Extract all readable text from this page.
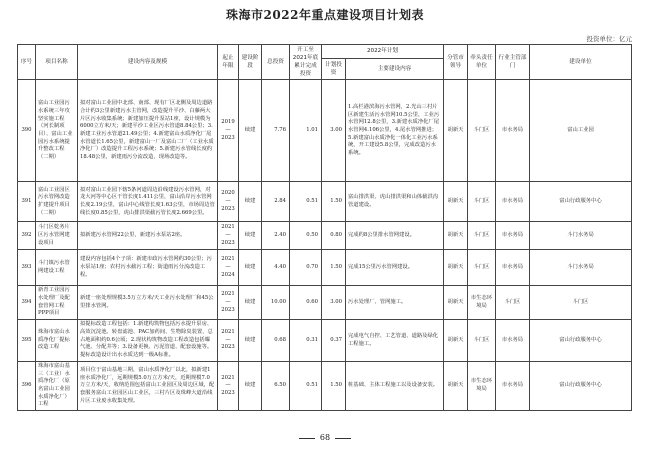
珠海市2022年重点建设项目计划表
投资单位：亿元
序号	项目名称	建设内容及规模	起止年限	建设阶段	总投资	开工至2021年底累计完成投资	2022年计划		分管市领导	牵头责任单位	行业主管部门	建设单位
							计划投资	主要建设内容				
390	富山工业园污水系统三年攻坚实施工程（河长制项目）、富山工业园污水系统提升整改工程（二期）	拟对富山工业园中北部、南部、现有厂区北侧及周边道路合计约3公里新建污水主管网，改造提升平沙、白藤两大片区污水收集系统；新建加压提升泵站1座，设计规模为6000立方米/天；新建平沙工业区污水管道8.84公里；3.新建工业污水管道21.49公里；4.新建富山水质净化厂尾水管道长1.65公里，新建富山一厂及富山二厂（工业水质净化厂）改造提升工程污水系统；5.新建污水管线长度约18.48公里，新建雨污分流改造，现场改造等。	2019—2023	续建	7.76	1.01	3.00	1.高栏港滨海污水管网，2.光山三村片区新建生活污水管网10.5公里，工业污水管网12.8公里，3.新建水质净化厂尾水管网4.106公里，4.尾水管网推进；5.新建富山水质净化一体化工业污水系统，开工建设5.8公里，完成改造污水系统。	胡新天	斗门区	市水务局	富山工业园
391	富山工业园区污水管网改造扩建提升项目（二期）	拟对富山工业园下辖5条河道周边沿线建设污水管网，对龙大河等中心区干管长度1.411公里，富山沿岸污水管网长度2.19公里，富山中心线管长度1.63公里，市场周边管线长度0.85公里，虎山排洪渠截污管长度2.669公里。	2020—2023	续建	2.84	0.51	1.50	富山排洪渠、虎山排洪渠和山体截洪沟管道建设。	胡新天	斗门区	市水务局	富山行政服务中心
392	斗门区乾务片区污水管网建设项目	拟新建污水管网22公里，新建污水泵站2座。	2021—2023	续建	2.40	0.50	0.80	完成约8公里排水管网建设。	胡新天	斗门区	市水务局	斗门水务局
393	斗门镇污水管网建设工程	建设内容包括4个子项：新建市政污水管网约30公里；污水泵站1座；农村污水截污工程；街道雨污分流改造工程。	2021—2024	续建	4.40	0.70	1.50	完成15公里污水管网建设。	胡新天	斗门区	市水务局	斗门水务局
394	新青工业园污水处理厂及配套管网工程PPP项目	新建一座处理规模3.5万立方米/天工业污水处理厂和45公里排水管网。	2021—2023	续建	10.00	0.60	3.00	污水处理厂、管网施工。	胡新天	市生态环境局	斗门区	斗门区
395	珠海市富山水质净化厂提标改造工程	拟提标改造工程包括：1.新建构筑物包括污水提升泵房、高效沉淀池、转盘滤池、PAC加药间、生物除臭装置，总占地面积约0.6公顷；2.现状构筑物改造工程改造包括曝气池、分配井等；3.设备更换、污泥管道、配套设施等。提标改造设计出水水质达到一级A标准。	2021—2023	续建	0.68	0.31	0.37	完成电气自控、工艺管道、道路及绿化工程施工。	胡新天	斗门区	市水务局	富山行政服务中心
396	珠海市富山基三（工业）水质净化厂（原名富山工业园水质净化厂）工程	项目位于富山基地三期，富山水质净化厂以北，拟新建1座水质净化厂，远期规模5.0万立方米/天，近期规模7.0万立方米/天，收纳范围包括富山工业园区及周边区域，配套服务富山工业园区山工业区，三村片区及珠峰大道沿线片区工业废水收集处理。	2021—2023	续建	6.50	0.51	1.50	桩基础、主体工程施工以及设备安装。	胡新天	市生态环境局	市水务局	富山行政服务中心
68
